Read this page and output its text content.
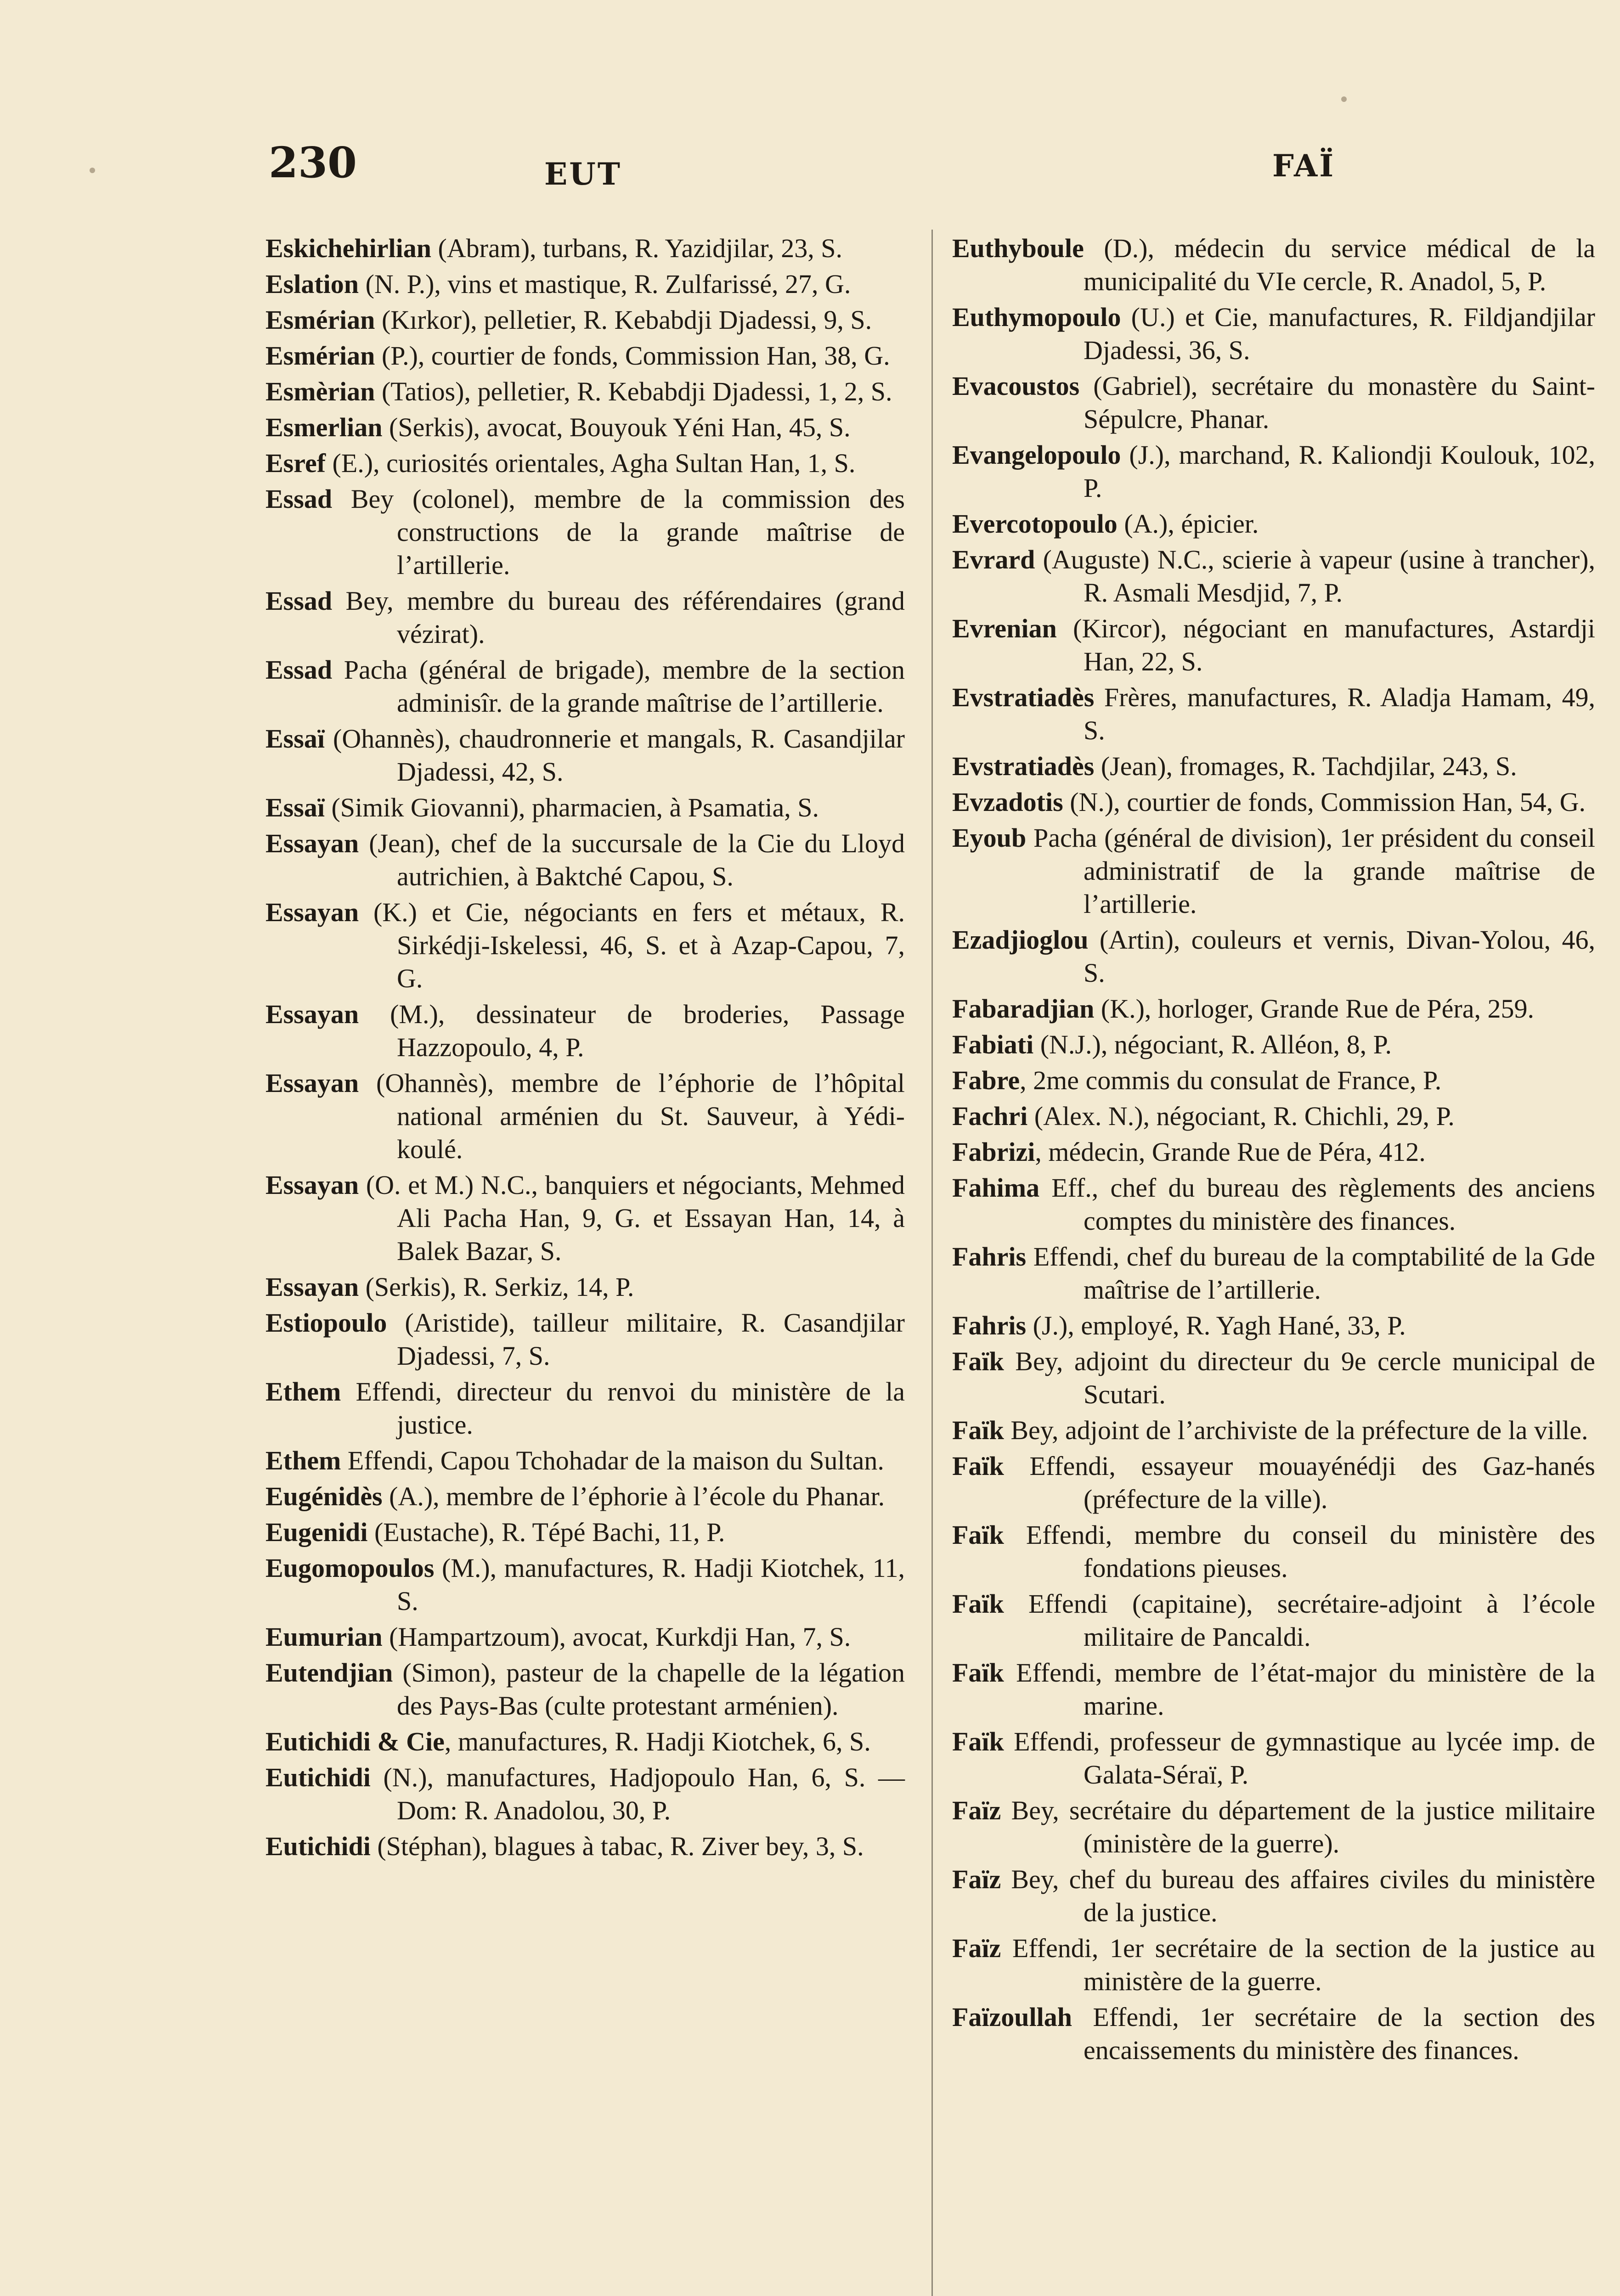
230	EUT	FAÏ
Eskichehirlian (Abram), turbans, R. Yazidjilar, 23, S.
Eslation (N. P.), vins et mastique, R. Zulfarissé, 27, G.
Esmérian (Kırkor), pelletier, R. Kebabdji Djadessi, 9, S.
Esmérian (P.), courtier de fonds, Commission Han, 38, G.
Esmèrian (Tatios), pelletier, R. Kebabdji Djadessi, 1, 2, S.
Esmerlian (Serkis), avocat, Bouyouk Yéni Han, 45, S.
Esref (E.), curiosités orientales, Agha Sultan Han, 1, S.
Essad Bey (colonel), membre de la commission des constructions de la grande maîtrise de l’artillerie.
Essad Bey, membre du bureau des référendaires (grand vézirat).
Essad Pacha (général de brigade), membre de la section adminisîr. de la grande maîtrise de l’artillerie.
Essaï (Ohannès), chaudronnerie et mangals, R. Casandjilar Djadessi, 42, S.
Essaï (Simik Giovanni), pharmacien, à Psamatia, S.
Essayan (Jean), chef de la succursale de la Cie du Lloyd autrichien, à Baktché Capou, S.
Essayan (K.) et Cie, négociants en fers et métaux, R. Sirkédji-Iskelessi, 46, S. et à Azap-Capou, 7, G.
Essayan (M.), dessinateur de broderies, Passage Hazzopoulo, 4, P.
Essayan (Ohannès), membre de l’éphorie de l’hôpital national arménien du St. Sauveur, à Yédi-koulé.
Essayan (O. et M.) N.C., banquiers et négociants, Mehmed Ali Pacha Han, 9, G. et Essayan Han, 14, à Balek Bazar, S.
Essayan (Serkis), R. Serkiz, 14, P.
Estiopoulo (Aristide), tailleur militaire, R. Casandjilar Djadessi, 7, S.
Ethem Effendi, directeur du renvoi du ministère de la justice.
Ethem Effendi, Capou Tchohadar de la maison du Sultan.
Eugénidès (A.), membre de l’éphorie à l’école du Phanar.
Eugenidi (Eustache), R. Tépé Bachi, 11, P.
Eugomopoulos (M.), manufactures, R. Hadji Kiotchek, 11, S.
Eumurian (Hampartzoum), avocat, Kurkdji Han, 7, S.
Eutendjian (Simon), pasteur de la chapelle de la légation des Pays-Bas (culte protestant arménien).
Eutichidi & Cie, manufactures, R. Hadji Kiotchek, 6, S.
Eutichidi (N.), manufactures, Hadjopoulo Han, 6, S. — Dom: R. Anadolou, 30, P.
Eutichidi (Stéphan), blagues à tabac, R. Ziver bey, 3, S.
Euthyboule (D.), médecin du service médical de la municipalité du VIe cercle, R. Anadol, 5, P.
Euthymopoulo (U.) et Cie, manufactures, R. Fildjandjilar Djadessi, 36, S.
Evacoustos (Gabriel), secrétaire du monastère du Saint-Sépulcre, Phanar.
Evangelopoulo (J.), marchand, R. Kaliondji Koulouk, 102, P.
Evercotopoulo (A.), épicier.
Evrard (Auguste) N.C., scierie à vapeur (usine à trancher), R. Asmali Mesdjid, 7, P.
Evrenian (Kircor), négociant en manufactures, Astardji Han, 22, S.
Evstratiadès Frères, manufactures, R. Aladja Hamam, 49, S.
Evstratiadès (Jean), fromages, R. Tachdjilar, 243, S.
Evzadotis (N.), courtier de fonds, Commission Han, 54, G.
Eyoub Pacha (général de division), 1er président du conseil administratif de la grande maîtrise de l’artillerie.
Ezadjioglou (Artin), couleurs et vernis, Divan-Yolou, 46, S.
Fabaradjian (K.), horloger, Grande Rue de Péra, 259.
Fabiati (N.J.), négociant, R. Alléon, 8, P.
Fabre, 2me commis du consulat de France, P.
Fachri (Alex. N.), négociant, R. Chichli, 29, P.
Fabrizi, médecin, Grande Rue de Péra, 412.
Fahima Eff., chef du bureau des règlements des anciens comptes du ministère des finances.
Fahris Effendi, chef du bureau de la comptabilité de la Gde maîtrise de l’artillerie.
Fahris (J.), employé, R. Yagh Hané, 33, P.
Faïk Bey, adjoint du directeur du 9e cercle municipal de Scutari.
Faïk Bey, adjoint de l’archiviste de la préfecture de la ville.
Faïk Effendi, essayeur mouayénédji des Gaz-hanés (préfecture de la ville).
Faïk Effendi, membre du conseil du ministère des fondations pieuses.
Faïk Effendi (capitaine), secrétaire-adjoint à l’école militaire de Pancaldi.
Faïk Effendi, membre de l’état-major du ministère de la marine.
Faïk Effendi, professeur de gymnastique au lycée imp. de Galata-Séraï, P.
Faïz Bey, secrétaire du département de la justice militaire (ministère de la guerre).
Faïz Bey, chef du bureau des affaires civiles du ministère de la justice.
Faïz Effendi, 1er secrétaire de la section de la justice au ministère de la guerre.
Faïzoullah Effendi, 1er secrétaire de la section des encaissements du ministère des finances.
